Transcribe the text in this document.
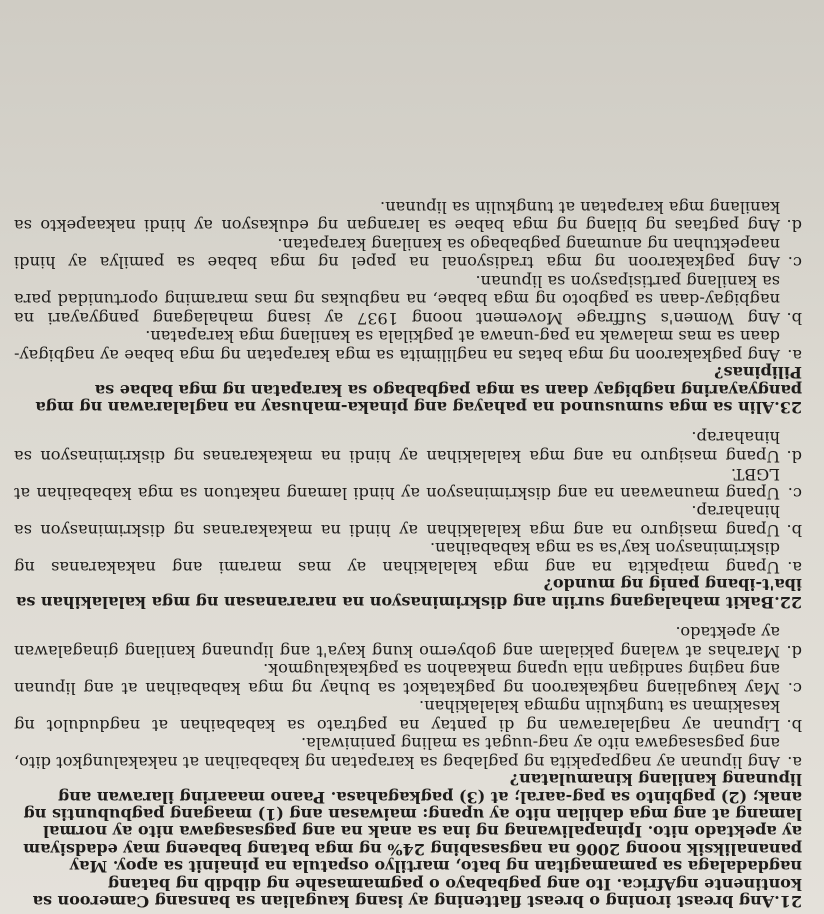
21.Ang breast ironing o breast flattening ay isang kaugalian sa bansang Cameroon sa kontinente ngAfrica. Ito ang pagbabayo o pagmamasahe ng dibdib ng batang nagdadalaga sa pamamagitan ng bato, martilyo ospatula na pinainit sa apoy. May pananaliksik noong 2006 na nagsasabing 24% ng mga batang babaeng may edadsiyam ay apektado nito. Ipinapaliwanag ng ina sa anak na ang pagsasagawa nito ay normal lamang at ang mga dahilan nito ay upang: maiwasan ang (1) maagang pagbubuntis ng anak; (2) pagbinto sa pag-aaral; at (3) pagkagahasa. Paano maaaring ilarawan ang lipunang kanilang kinamulatan?

a.Ang lipunan ay nagpapakita ng paglabag sa karapatan ng kababaihan at nakakalungkot dito, ang pagsasagawa nito ay nag-uugat sa maling paniniwala.
b.Lipunan ay naglalarawan ng di pantay na pagtrato sa kababaihan at nagdudulot ng kasakiman sa tungkulin ngmga kalalakihan.
c.May kaugaliang nagkakaroon ng pagkatakot sa buhay ng mga kababaihan at ang lipunan ang naging sandigan nila upang makaahon sa pagkakalugmok.
d.Marahas at walang pakialam ang gobyerno kung kaya't ang lipunang kanilang ginagalawan ay apektado.

22.Bakit mahalagang suriin ang diskriminasyon na nararanasan ng mga kalalakihan sa iba't-ibang panig ng mundo?

a.Upang maipakita na ang mga kalalakihan ay mas marami ang nakakaranas ng diskriminasyon kay'sa sa mga kababaihan.
b.Upang masiguro na ang mga kalalakihan ay hindi na makakaranas ng diskriminasyon sa hinaharap.
c.Upang maunawaan na ang diskriminasyon ay hindi lamang nakatuon sa mga kababaihan at LGBT.
d.Upang masiguro na ang mga kalalakihan ay hindi na makakaranas ng diskriminasyon sa hinaharap.

23.Alin sa mga sumusunod na pahayag ang pinaka-mahusay na naglalarawan ng mga pangyayaring nagbigay daan sa mga pagbabago sa karapatan ng mga babae sa Pilipinas?

a.Ang pagkakaroon ng mga batas na naglilimita sa mga karapatan ng mga babae ay nagbigay-daan sa mas malawak na pag-unawa at pagkilala sa kanilang mga karapatan.
b.Ang Women's Suffrage Movement noong 1937 ay isang mahalagang pangyayari na nagbigay-daan sa pagboto ng mga babae, na nagbukas ng mas maraming oportunidad para sa kanilang partisipasyon sa lipunan.
c.Ang pagkakaroon ng mga tradisyonal na papel ng mga babae sa pamilya ay hindi naapektuhan ng anumang pagbabago sa kanilang karapatan.
d.Ang pagtaas ng bilang ng mga babae sa larangan ng edukasyon ay hindi nakaapekto sa kanilang mga karapatan at tungkulin sa lipunan.
